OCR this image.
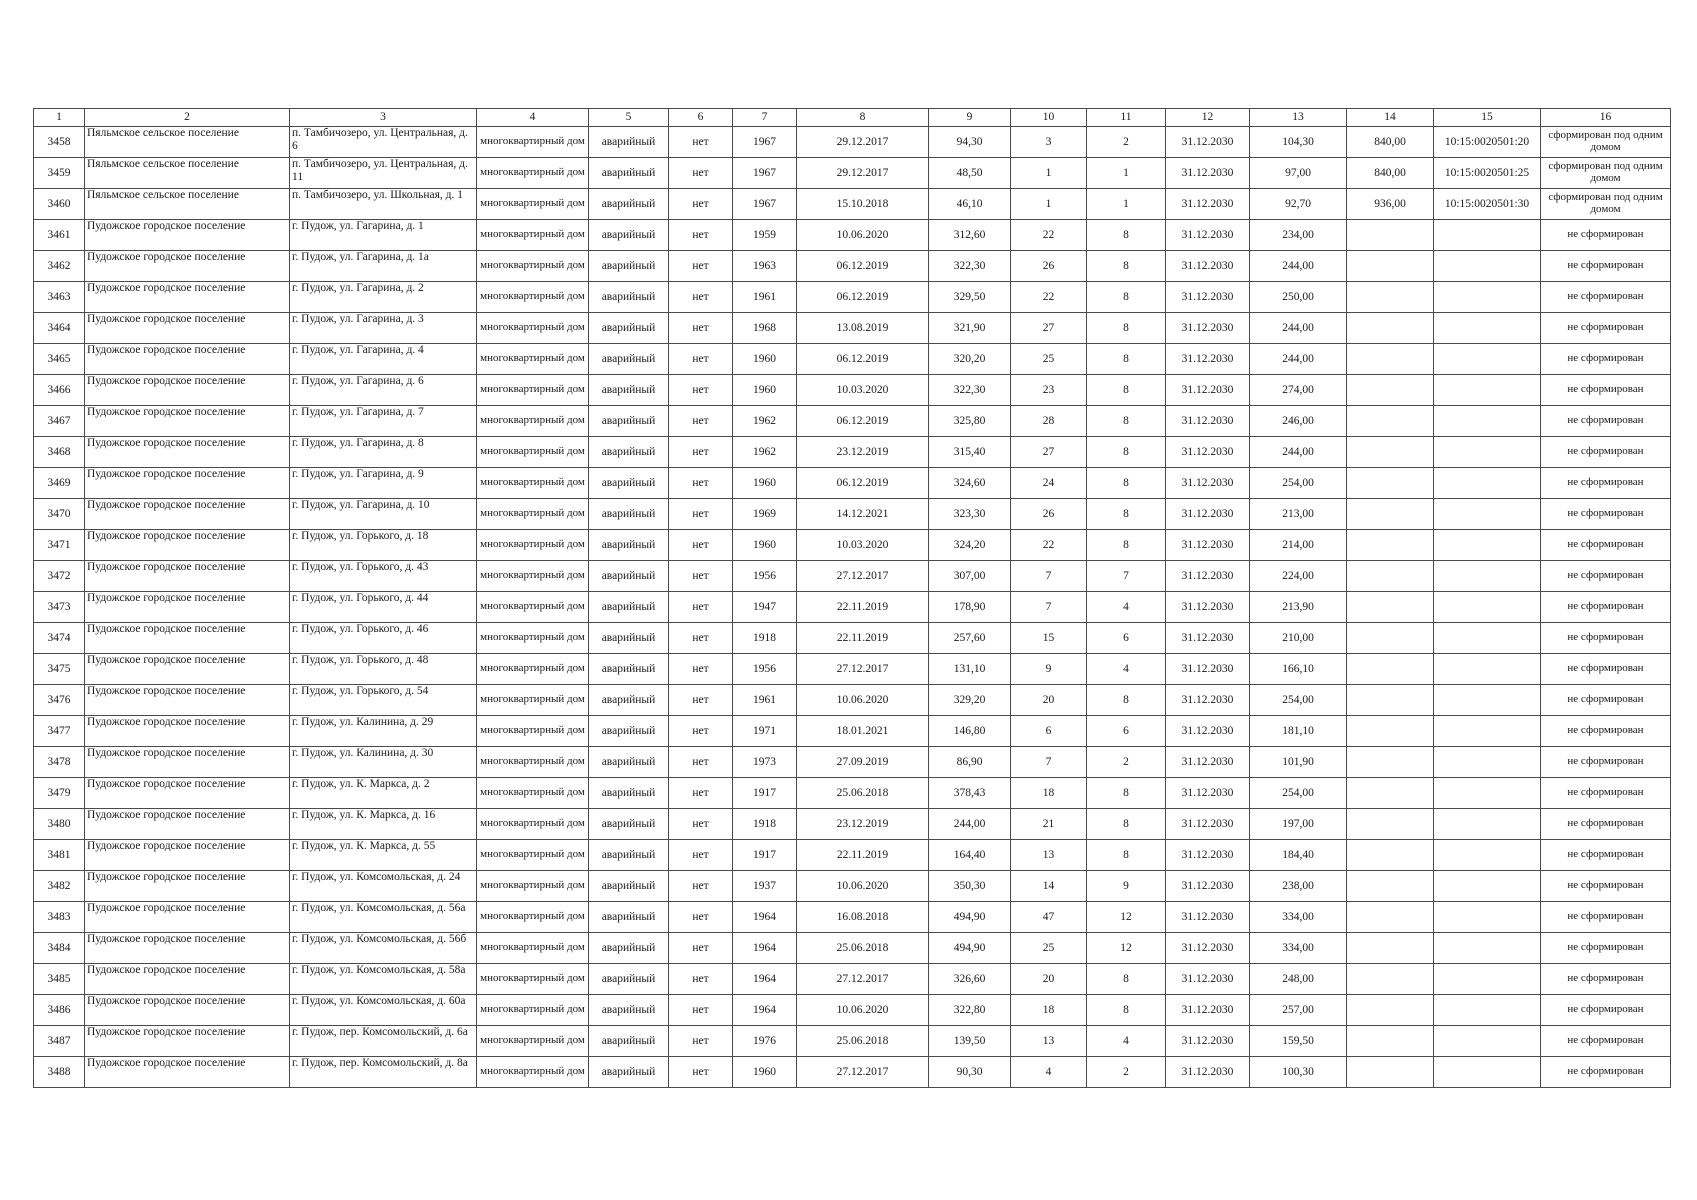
1	2	3	4	5	6	7	8	9	10	11	12	13	14	15	16
3458	Пяльмское сельское поселение	п. Тамбичозеро, ул. Центральная, д. 6	многоквартирный дом	аварийный	нет	1967	29.12.2017	94,30	3	2	31.12.2030	104,30	840,00	10:15:0020501:20	сформирован под одним домом
3459	Пяльмское сельское поселение	п. Тамбичозеро, ул. Центральная, д. 11	многоквартирный дом	аварийный	нет	1967	29.12.2017	48,50	1	1	31.12.2030	97,00	840,00	10:15:0020501:25	сформирован под одним домом
3460	Пяльмское сельское поселение	п. Тамбичозеро, ул. Школьная, д. 1	многоквартирный дом	аварийный	нет	1967	15.10.2018	46,10	1	1	31.12.2030	92,70	936,00	10:15:0020501:30	сформирован под одним домом
3461	Пудожское городское поселение	г. Пудож, ул. Гагарина, д. 1	многоквартирный дом	аварийный	нет	1959	10.06.2020	312,60	22	8	31.12.2030	234,00			не сформирован
3462	Пудожское городское поселение	г. Пудож, ул. Гагарина, д. 1а	многоквартирный дом	аварийный	нет	1963	06.12.2019	322,30	26	8	31.12.2030	244,00			не сформирован
3463	Пудожское городское поселение	г. Пудож, ул. Гагарина, д. 2	многоквартирный дом	аварийный	нет	1961	06.12.2019	329,50	22	8	31.12.2030	250,00			не сформирован
3464	Пудожское городское поселение	г. Пудож, ул. Гагарина, д. 3	многоквартирный дом	аварийный	нет	1968	13.08.2019	321,90	27	8	31.12.2030	244,00			не сформирован
3465	Пудожское городское поселение	г. Пудож, ул. Гагарина, д. 4	многоквартирный дом	аварийный	нет	1960	06.12.2019	320,20	25	8	31.12.2030	244,00			не сформирован
3466	Пудожское городское поселение	г. Пудож, ул. Гагарина, д. 6	многоквартирный дом	аварийный	нет	1960	10.03.2020	322,30	23	8	31.12.2030	274,00			не сформирован
3467	Пудожское городское поселение	г. Пудож, ул. Гагарина, д. 7	многоквартирный дом	аварийный	нет	1962	06.12.2019	325,80	28	8	31.12.2030	246,00			не сформирован
3468	Пудожское городское поселение	г. Пудож, ул. Гагарина, д. 8	многоквартирный дом	аварийный	нет	1962	23.12.2019	315,40	27	8	31.12.2030	244,00			не сформирован
3469	Пудожское городское поселение	г. Пудож, ул. Гагарина, д. 9	многоквартирный дом	аварийный	нет	1960	06.12.2019	324,60	24	8	31.12.2030	254,00			не сформирован
3470	Пудожское городское поселение	г. Пудож, ул. Гагарина, д. 10	многоквартирный дом	аварийный	нет	1969	14.12.2021	323,30	26	8	31.12.2030	213,00			не сформирован
3471	Пудожское городское поселение	г. Пудож, ул. Горького, д. 18	многоквартирный дом	аварийный	нет	1960	10.03.2020	324,20	22	8	31.12.2030	214,00			не сформирован
3472	Пудожское городское поселение	г. Пудож, ул. Горького, д. 43	многоквартирный дом	аварийный	нет	1956	27.12.2017	307,00	7	7	31.12.2030	224,00			не сформирован
3473	Пудожское городское поселение	г. Пудож, ул. Горького, д. 44	многоквартирный дом	аварийный	нет	1947	22.11.2019	178,90	7	4	31.12.2030	213,90			не сформирован
3474	Пудожское городское поселение	г. Пудож, ул. Горького, д. 46	многоквартирный дом	аварийный	нет	1918	22.11.2019	257,60	15	6	31.12.2030	210,00			не сформирован
3475	Пудожское городское поселение	г. Пудож, ул. Горького, д. 48	многоквартирный дом	аварийный	нет	1956	27.12.2017	131,10	9	4	31.12.2030	166,10			не сформирован
3476	Пудожское городское поселение	г. Пудож, ул. Горького, д. 54	многоквартирный дом	аварийный	нет	1961	10.06.2020	329,20	20	8	31.12.2030	254,00			не сформирован
3477	Пудожское городское поселение	г. Пудож, ул. Калинина, д. 29	многоквартирный дом	аварийный	нет	1971	18.01.2021	146,80	6	6	31.12.2030	181,10			не сформирован
3478	Пудожское городское поселение	г. Пудож, ул. Калинина, д. 30	многоквартирный дом	аварийный	нет	1973	27.09.2019	86,90	7	2	31.12.2030	101,90			не сформирован
3479	Пудожское городское поселение	г. Пудож, ул. К. Маркса, д. 2	многоквартирный дом	аварийный	нет	1917	25.06.2018	378,43	18	8	31.12.2030	254,00			не сформирован
3480	Пудожское городское поселение	г. Пудож, ул. К. Маркса, д. 16	многоквартирный дом	аварийный	нет	1918	23.12.2019	244,00	21	8	31.12.2030	197,00			не сформирован
3481	Пудожское городское поселение	г. Пудож, ул. К. Маркса, д. 55	многоквартирный дом	аварийный	нет	1917	22.11.2019	164,40	13	8	31.12.2030	184,40			не сформирован
3482	Пудожское городское поселение	г. Пудож, ул. Комсомольская, д. 24	многоквартирный дом	аварийный	нет	1937	10.06.2020	350,30	14	9	31.12.2030	238,00			не сформирован
3483	Пудожское городское поселение	г. Пудож, ул. Комсомольская, д. 56а	многоквартирный дом	аварийный	нет	1964	16.08.2018	494,90	47	12	31.12.2030	334,00			не сформирован
3484	Пудожское городское поселение	г. Пудож, ул. Комсомольская, д. 56б	многоквартирный дом	аварийный	нет	1964	25.06.2018	494,90	25	12	31.12.2030	334,00			не сформирован
3485	Пудожское городское поселение	г. Пудож, ул. Комсомольская, д. 58а	многоквартирный дом	аварийный	нет	1964	27.12.2017	326,60	20	8	31.12.2030	248,00			не сформирован
3486	Пудожское городское поселение	г. Пудож, ул. Комсомольская, д. 60а	многоквартирный дом	аварийный	нет	1964	10.06.2020	322,80	18	8	31.12.2030	257,00			не сформирован
3487	Пудожское городское поселение	г. Пудож, пер. Комсомольский, д. 6а	многоквартирный дом	аварийный	нет	1976	25.06.2018	139,50	13	4	31.12.2030	159,50			не сформирован
3488	Пудожское городское поселение	г. Пудож, пер. Комсомольский, д. 8а	многоквартирный дом	аварийный	нет	1960	27.12.2017	90,30	4	2	31.12.2030	100,30			не сформирован
